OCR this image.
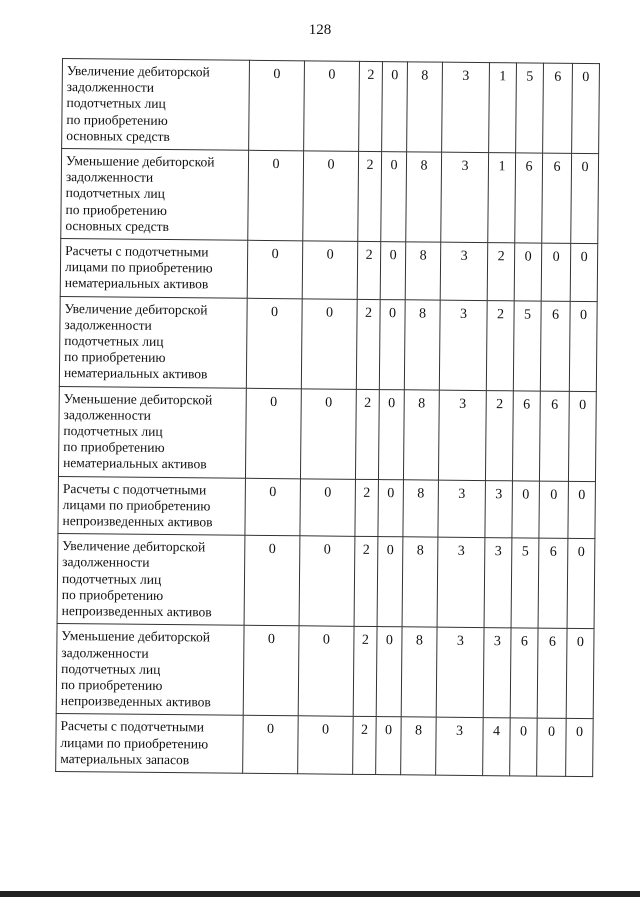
128
Увеличение дебиторской
задолженности
подотчетных лиц
по приобретению
основных средств	0	0	2	0	8	3	1	5	6	0

Уменьшение дебиторской
задолженности
подотчетных лиц
по приобретению
основных средств	0	0	2	0	8	3	1	6	6	0

Расчеты с подотчетными
лицами по приобретению
нематериальных активов	0	0	2	0	8	3	2	0	0	0

Увеличение дебиторской
задолженности
подотчетных лиц
по приобретению
нематериальных активов	0	0	2	0	8	3	2	5	6	0

Уменьшение дебиторской
задолженности
подотчетных лиц
по приобретению
нематериальных активов	0	0	2	0	8	3	2	6	6	0

Расчеты с подотчетными
лицами по приобретению
непроизведенных активов	0	0	2	0	8	3	3	0	0	0

Увеличение дебиторской
задолженности
подотчетных лиц
по приобретению
непроизведенных активов	0	0	2	0	8	3	3	5	6	0

Уменьшение дебиторской
задолженности
подотчетных лиц
по приобретению
непроизведенных активов	0	0	2	0	8	3	3	6	6	0

Расчеты с подотчетными
лицами по приобретению
материальных запасов	0	0	2	0	8	3	4	0	0	0
